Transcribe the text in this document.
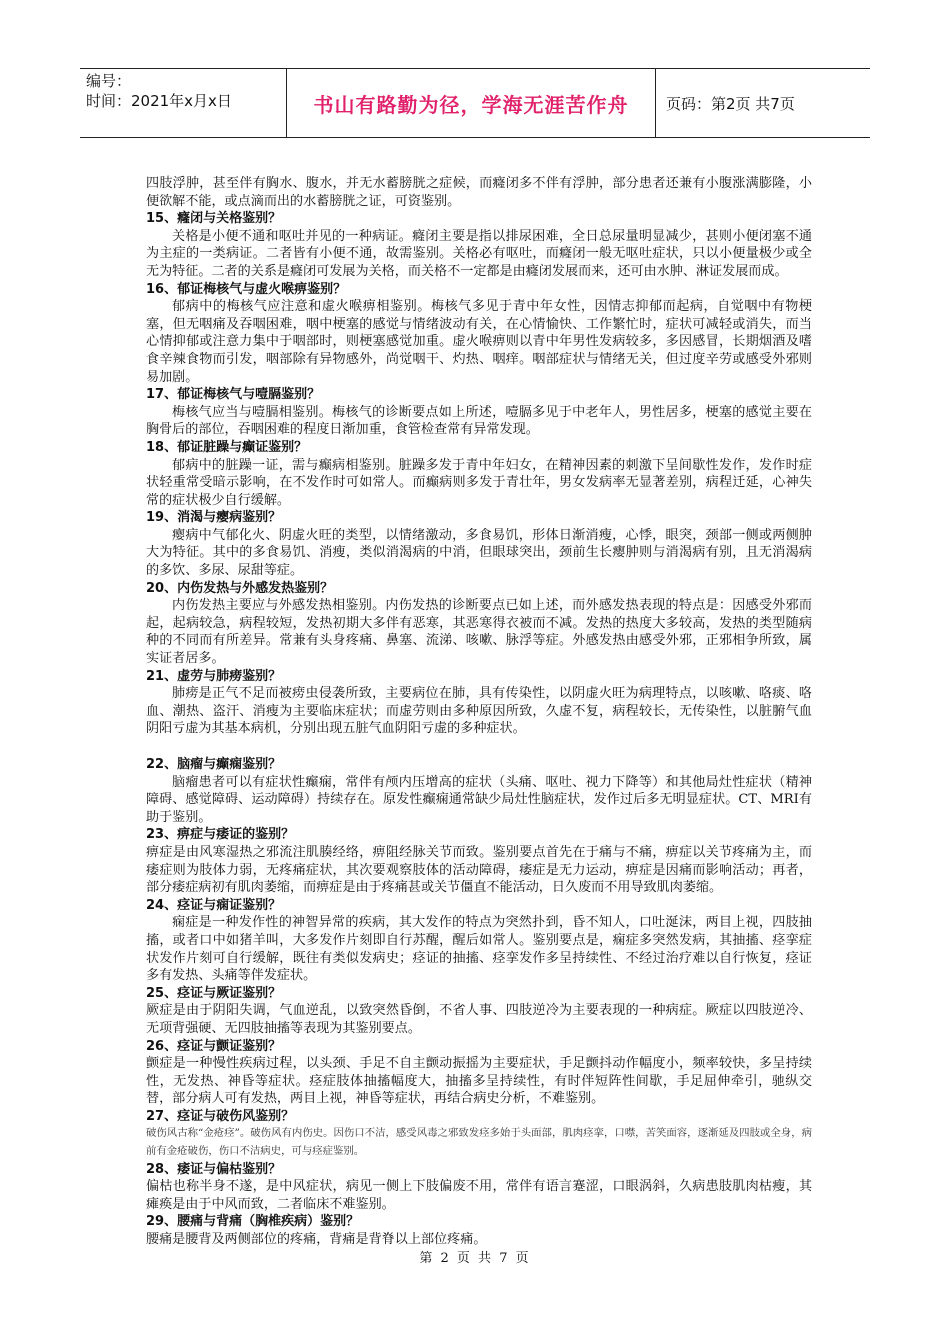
编号：
时间：2021年x月x日	书山有路勤为径，学海无涯苦作舟	页码：第2页 共7页

四肢浮肿，甚至伴有胸水、腹水，并无水蓄膀胱之症候，而癃闭多不伴有浮肿，部分患者还兼有小腹涨满膨隆，小便欲解不能，或点滴而出的水蓄膀胱之证，可资鉴别。

15、癃闭与关格鉴别？

关格是小便不通和呕吐并见的一种病证。癃闭主要是指以排尿困难，全日总尿量明显减少，甚则小便闭塞不通为主症的一类病证。二者皆有小便不通，故需鉴别。关格必有呕吐，而癃闭一般无呕吐症状，只以小便量极少或全无为特征。二者的关系是癃闭可发展为关格，而关格不一定都是由癃闭发展而来，还可由水肿、淋证发展而成。

16、郁证梅核气与虚火喉痹鉴别？

郁病中的梅核气应注意和虚火喉痹相鉴别。梅核气多见于青中年女性，因情志抑郁而起病，自觉咽中有物梗塞，但无咽痛及吞咽困难，咽中梗塞的感觉与情绪波动有关，在心情愉快、工作繁忙时，症状可减轻或消失，而当心情抑郁或注意力集中于咽部时，则梗塞感觉加重。虚火喉痹则以青中年男性发病较多，多因感冒，长期烟酒及嗜食辛辣食物而引发，咽部除有异物感外，尚觉咽干、灼热、咽痒。咽部症状与情绪无关，但过度辛劳或感受外邪则易加剧。

17、郁证梅核气与噎膈鉴别？

梅核气应当与噎膈相鉴别。梅核气的诊断要点如上所述，噎膈多见于中老年人，男性居多，梗塞的感觉主要在胸骨后的部位，吞咽困难的程度日渐加重，食管检查常有异常发现。

18、郁证脏躁与癫证鉴别？

郁病中的脏躁一证，需与癫病相鉴别。脏躁多发于青中年妇女，在精神因素的刺激下呈间歇性发作，发作时症状轻重常受暗示影响，在不发作时可如常人。而癫病则多发于青壮年，男女发病率无显著差别，病程迁延，心神失常的症状极少自行缓解。

19、消渴与瘿病鉴别？

瘿病中气郁化火、阴虚火旺的类型，以情绪激动，多食易饥，形体日渐消瘦，心悸，眼突，颈部一侧或两侧肿大为特征。其中的多食易饥、消瘦，类似消渴病的中消，但眼球突出，颈前生长瘿肿则与消渴病有别，且无消渴病的多饮、多尿、尿甜等症。

20、内伤发热与外感发热鉴别？

内伤发热主要应与外感发热相鉴别。内伤发热的诊断要点已如上述，而外感发热表现的特点是：因感受外邪而起，起病较急，病程较短，发热初期大多伴有恶寒，其恶寒得衣被而不减。发热的热度大多较高，发热的类型随病种的不同而有所差异。常兼有头身疼痛、鼻塞、流涕、咳嗽、脉浮等症。外感发热由感受外邪，正邪相争所致，属实证者居多。

21、虚劳与肺痨鉴别？

肺痨是正气不足而被痨虫侵袭所致，主要病位在肺，具有传染性，以阴虚火旺为病理特点，以咳嗽、咯痰、咯血、潮热、盗汗、消瘦为主要临床症状；而虚劳则由多种原因所致，久虚不复，病程较长，无传染性，以脏腑气血阴阳亏虚为其基本病机，分别出现五脏气血阴阳亏虚的多种症状。

22、脑瘤与癫痫鉴别？

脑瘤患者可以有症状性癫痫，常伴有颅内压增高的症状（头痛、呕吐、视力下降等）和其他局灶性症状（精神障碍、感觉障碍、运动障碍）持续存在。原发性癫痫通常缺少局灶性脑症状，发作过后多无明显症状。CT、MRI有助于鉴别。

23、痹症与痿证的鉴别？

痹症是由风寒湿热之邪流注肌腠经络，痹阻经脉关节而致。鉴别要点首先在于痛与不痛，痹症以关节疼痛为主，而痿症则为肢体力弱，无疼痛症状，其次要观察肢体的活动障碍，痿症是无力运动，痹症是因痛而影响活动；再者，部分痿症病初有肌肉萎缩，而痹症是由于疼痛甚或关节僵直不能活动，日久废而不用导致肌肉萎缩。

24、痉证与痫证鉴别？

痫症是一种发作性的神智异常的疾病，其大发作的特点为突然扑到，昏不知人，口吐涎沫，两目上视，四肢抽搐，或者口中如猪羊叫，大多发作片刻即自行苏醒，醒后如常人。鉴别要点是，痫症多突然发病，其抽搐、痉挛症状发作片刻可自行缓解，既往有类似发病史；痉证的抽搐、痉挛发作多呈持续性、不经过治疗难以自行恢复，痉证多有发热、头痛等伴发症状。

25、痉证与厥证鉴别？

厥症是由于阴阳失调，气血逆乱，以致突然昏倒，不省人事、四肢逆冷为主要表现的一种病症。厥症以四肢逆冷、无项背强硬、无四肢抽搐等表现为其鉴别要点。

26、痉证与颤证鉴别？

颤症是一种慢性疾病过程，以头颈、手足不自主颤动振摇为主要症状，手足颤抖动作幅度小，频率较快，多呈持续性，无发热、神昏等症状。痉症肢体抽搐幅度大，抽搐多呈持续性，有时伴短阵性间歇，手足屈伸牵引，驰纵交替，部分病人可有发热，两目上视，神昏等症状，再结合病史分析，不难鉴别。

27、痉证与破伤风鉴别？

破伤风古称“金疮痉”。破伤风有内伤史。因伤口不洁，感受风毒之邪致发痉多始于头面部，肌肉痉挛，口噤，苦笑面容，逐渐延及四肢或全身，病前有金疮破伤，伤口不洁病史，可与痉症鉴别。

28、痿证与偏枯鉴别？

偏枯也称半身不遂，是中风症状，病见一侧上下肢偏废不用，常伴有语言蹇涩，口眼涡斜，久病患肢肌肉枯瘦，其瘫痪是由于中风而致，二者临床不难鉴别。

29、腰痛与背痛（胸椎疾病）鉴别？

腰痛是腰背及两侧部位的疼痛，背痛是背脊以上部位疼痛。

第 2 页 共 7 页
